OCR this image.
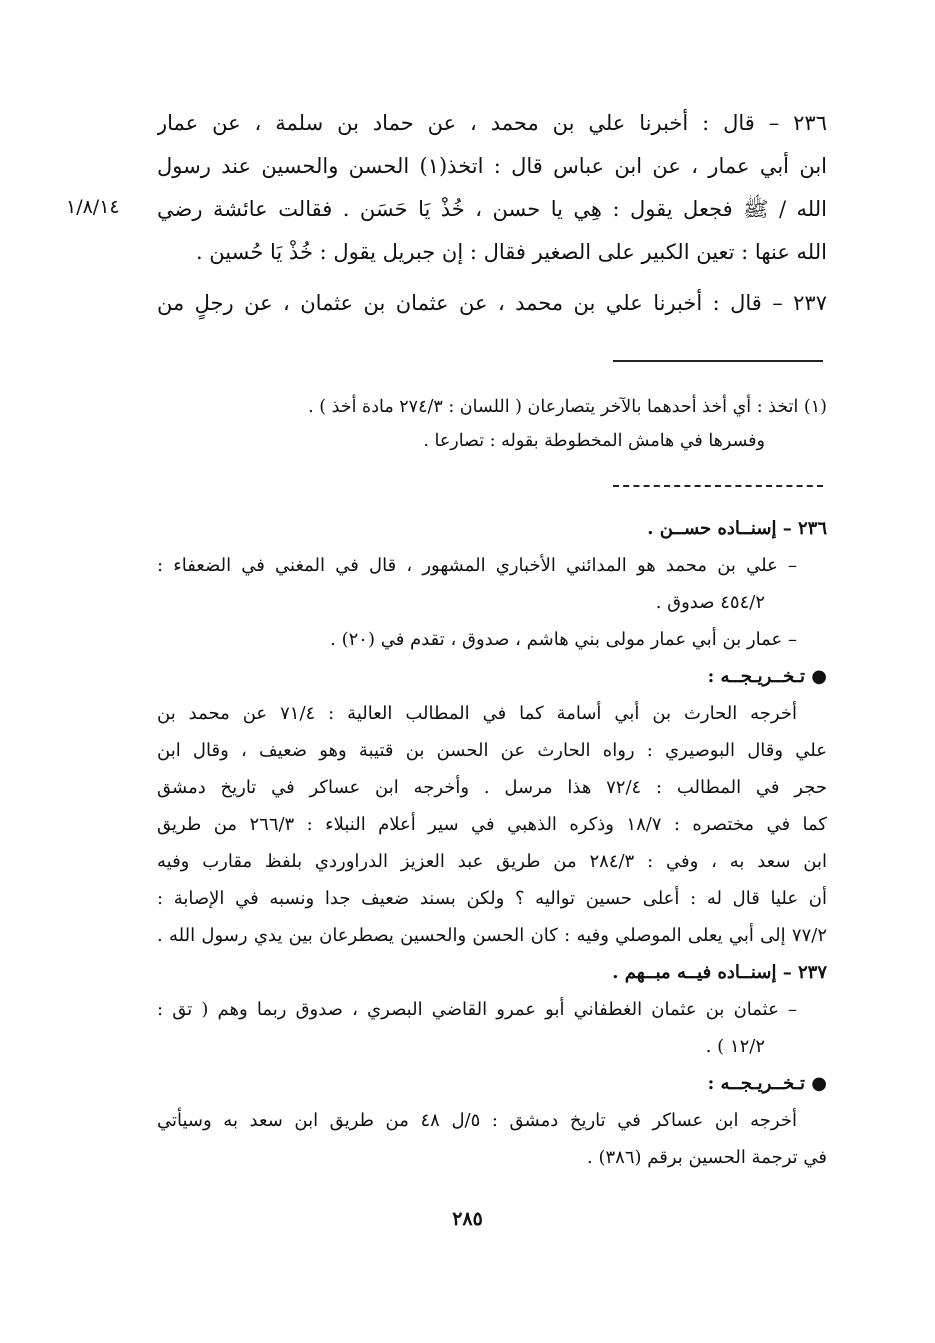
١/٨/١٤
٢٣٦ – قال : أخبرنا علي بن محمد ، عن حماد بن سلمة ، عن عمار
ابن أبي عمار ، عن ابن عباس قال : اتخذ(١) الحسن والحسين عند رسول
الله / ﷺ فجعل يقول : هِي يا حسن ، خُذْ يَا حَسَن . فقالت عائشة رضي
الله عنها : تعين الكبير على الصغير فقال : إن جبريل يقول : خُذْ يَا حُسين .
٢٣٧ – قال : أخبرنا علي بن محمد ، عن عثمان بن عثمان ، عن رجلٍ من
(١) اتخذ : أي أخذ أحدهما بالآخر يتصارعان ( اللسان : ٢٧٤/٣ مادة أخذ ) .
وفسرها في هامش المخطوطة بقوله : تصارعا .
٢٣٦ – إسنــاده حســن .
– علي بن محمد هو المدائني الأخباري المشهور ، قال في المغني في الضعفاء :
٤٥٤/٢ صدوق .
– عمار بن أبي عمار مولى بني هاشم ، صدوق ، تقدم في (٢٠) .
● تـخــريـجــه :
أخرجه الحارث بن أبي أسامة كما في المطالب العالية : ٧١/٤ عن محمد بن
علي وقال البوصيري : رواه الحارث عن الحسن بن قتيبة وهو ضعيف ، وقال ابن
حجر في المطالب : ٧٢/٤ هذا مرسل . وأخرجه ابن عساكر في تاريخ دمشق
كما في مختصره : ١٨/٧ وذكره الذهبي في سير أعلام النبلاء : ٢٦٦/٣ من طريق
ابن سعد به ، وفي : ٢٨٤/٣ من طريق عبد العزيز الدراوردي بلفظ مقارب وفيه
أن عليا قال له : أعلى حسين تواليه ؟ ولكن بسند ضعيف جدا ونسبه في الإصابة :
٧٧/٢ إلى أبي يعلى الموصلي وفيه : كان الحسن والحسين يصطرعان بين يدي رسول الله .
٢٣٧ – إسنــاده فيــه مبــهم .
– عثمان بن عثمان الغطفاني أبو عمرو القاضي البصري ، صدوق ربما وهم ( تق :
١٢/٢ ) .
● تـخــريـجــه :
أخرجه ابن عساكر في تاريخ دمشق : ٥/ل ٤٨ من طريق ابن سعد به وسيأتي
في ترجمة الحسين برقم (٣٨٦) .
٢٨٥
